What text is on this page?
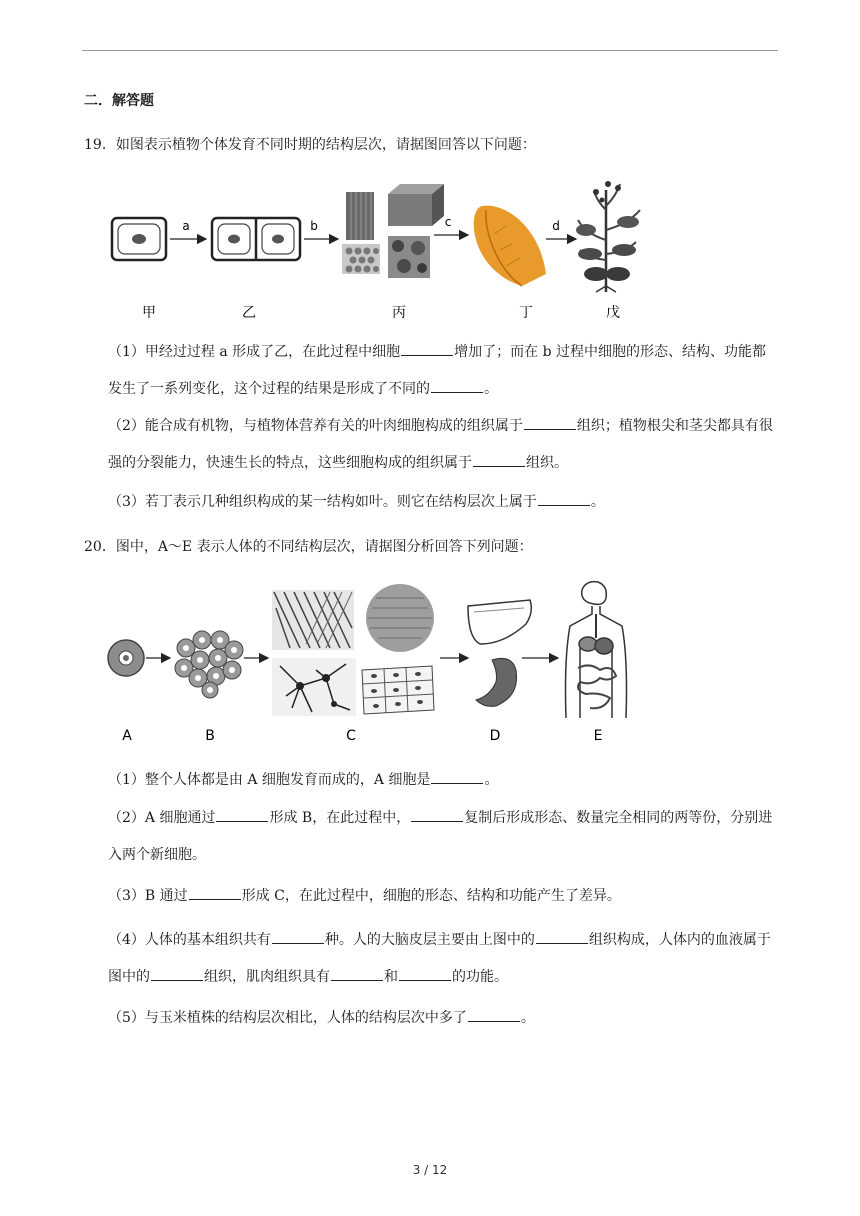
二．解答题
19．如图表示植物个体发育不同时期的结构层次，请据图回答以下问题：
a	b	c	d
甲	乙	丙	丁	戊
（1）甲经过过程 a 形成了乙，在此过程中细胞	增加了；而在 b 过程中细胞的形态、结构、功能都发生了一系列变化，这个过程的结果是形成了不同的	。
（2）能合成有机物，与植物体营养有关的叶肉细胞构成的组织属于	组织；植物根尖和茎尖都具有很强的分裂能力，快速生长的特点，这些细胞构成的组织属于	组织。
（3）若丁表示几种组织构成的某一结构如叶。则它在结构层次上属于	。
20．图中，A～E 表示人体的不同结构层次，请据图分析回答下列问题：
A	B	C	D	E
（1）整个人体都是由 A 细胞发育而成的，A 细胞是	。
（2）A 细胞通过	形成 B，在此过程中，	复制后形成形态、数量完全相同的两等份，分别进入两个新细胞。
（3）B 通过	形成 C，在此过程中，细胞的形态、结构和功能产生了差异。
（4）人体的基本组织共有	种。人的大脑皮层主要由上图中的	组织构成，人体内的血液属于图中的	组织，肌肉组织具有	和	的功能。
（5）与玉米植株的结构层次相比，人体的结构层次中多了	。
3 / 12
